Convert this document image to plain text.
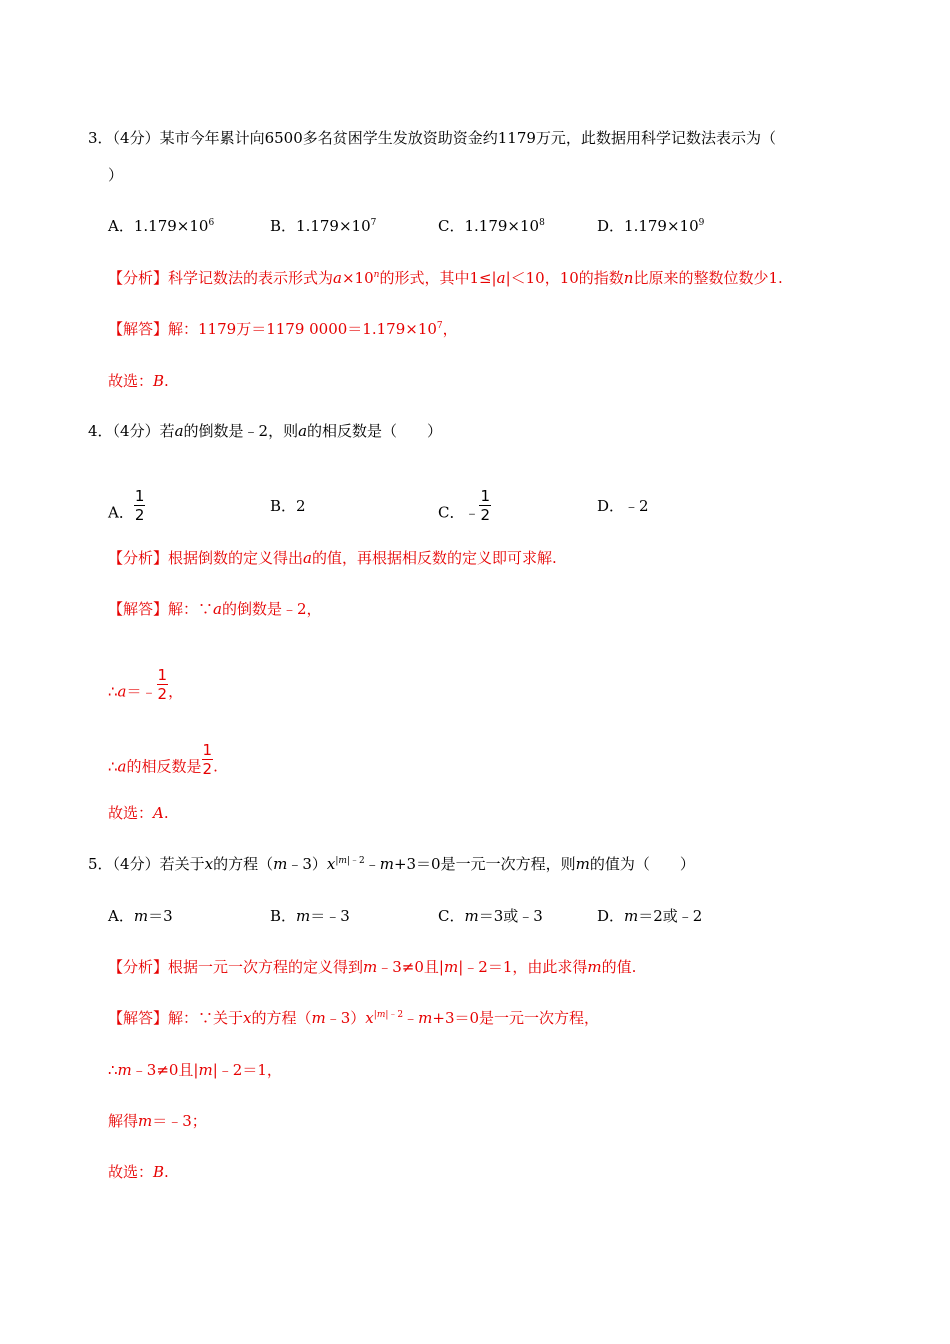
3．（4分）某市今年累计向6500多名贫困学生发放资助资金约1179万元，此数据用科学记数法表示为（
）
A．$1.179\times 10^6$	B．$1.179\times 10^7$	C．$1.179\times 10^8$	D．$1.179\times 10^9$
【分析】科学记数法的表示形式为$a\times 10^n$的形式，其中1≤|a|＜10，10的指数n比原来的整数位数少1.
【解答】解：1179万＝1179 $0000=1.179\times 10^7$，
故选：B.
4．（4分）若a的倒数是﹣2，则a的相反数是（　　）
A． $\frac{1}{2}$	B．2	C．﹣ $\frac{1}{2}$	D．﹣2
【分析】根据倒数的定义得出a的值，再根据相反数的定义即可求解.
【解答】解：∵a的倒数是﹣2，
∴a＝﹣ $\frac{1}{2}$ ，
∴a的相反数是 $\frac{1}{2}$ .
故选：A.
5．（4分）若关于x的方程$(m﹣3)x^{|m|﹣2}﹣m+3=0$是一元一次方程，则m的值为（　　）
A．m＝3	B．m＝﹣3	C．m＝3或﹣3	D．m＝2或﹣2
【分析】根据一元一次方程的定义得到m﹣3≠0且|m|﹣2＝1，由此求得m的值.
【解答】解：∵关于x的方程$(m﹣3)x^{|m|﹣2}﹣m+3=0$是一元一次方程，
∴m﹣3≠0且|m|﹣2＝1，
解得m＝﹣3；
故选：B.
